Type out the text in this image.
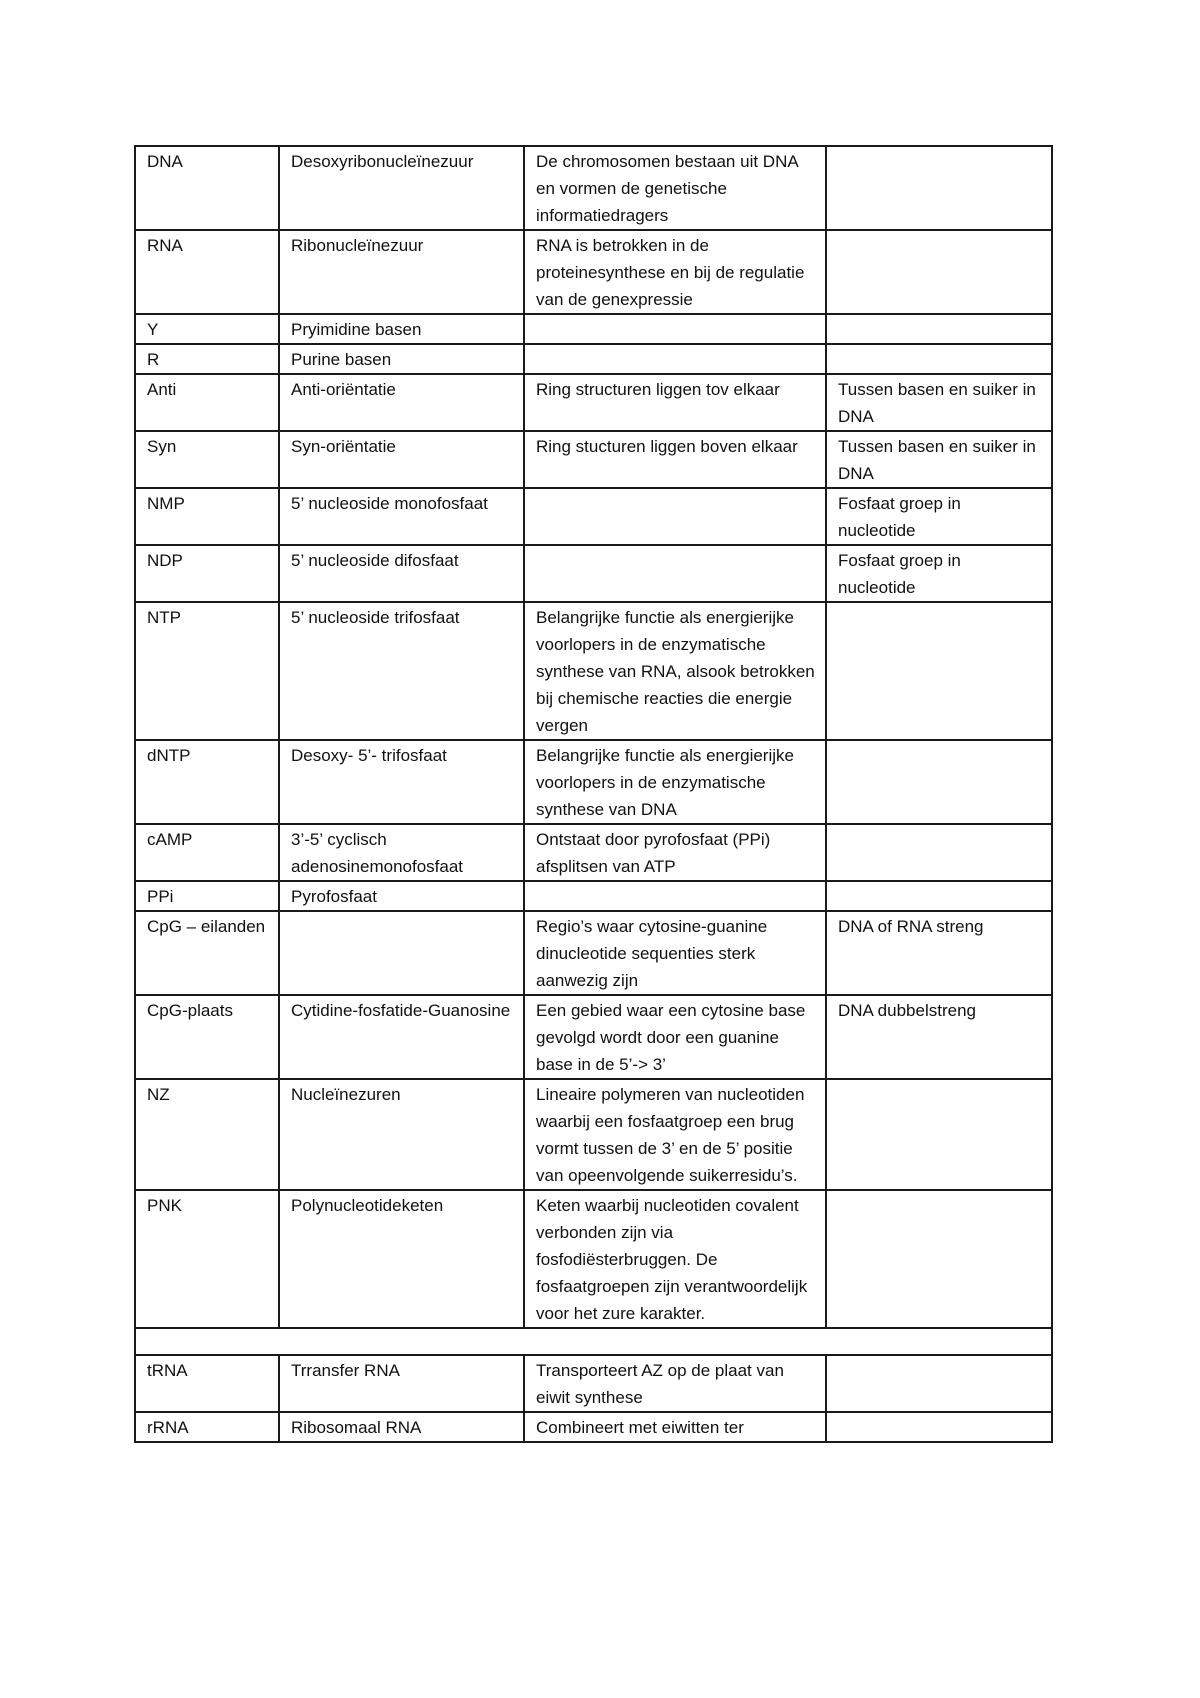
DNA	Desoxyribonucleïnezuur	De chromosomen bestaan uit DNA en vormen de genetische informatiedragers	
RNA	Ribonucleïnezuur	RNA is betrokken in de proteinesynthese en bij de regulatie van de genexpressie	
Y	Pryimidine basen		
R	Purine basen		
Anti	Anti-oriëntatie	Ring structuren liggen tov elkaar	Tussen basen en suiker in DNA
Syn	Syn-oriëntatie	Ring stucturen liggen boven elkaar	Tussen basen en suiker in DNA
NMP	5’ nucleoside monofosfaat		Fosfaat groep in nucleotide
NDP	5’ nucleoside difosfaat		Fosfaat groep in nucleotide
NTP	5’ nucleoside trifosfaat	Belangrijke functie als energierijke voorlopers in de enzymatische synthese van RNA, alsook betrokken bij chemische reacties die energie vergen	
dNTP	Desoxy- 5’- trifosfaat	Belangrijke functie als energierijke voorlopers in de enzymatische synthese van DNA	
cAMP	3’-5’ cyclisch adenosinemonofosfaat	Ontstaat door pyrofosfaat (PPi) afsplitsen van ATP	
PPi	Pyrofosfaat		
CpG – eilanden		Regio’s waar cytosine-guanine dinucleotide sequenties sterk aanwezig zijn	DNA of RNA streng
CpG-plaats	Cytidine-fosfatide-Guanosine	Een gebied waar een cytosine base gevolgd wordt door een guanine base in de 5’-> 3’	DNA dubbelstreng
NZ	Nucleïnezuren	Lineaire polymeren van nucleotiden waarbij een fosfaatgroep een brug vormt tussen de 3’ en de 5’ positie van opeenvolgende suikerresidu’s.	
PNK	Polynucleotideketen	Keten waarbij nucleotiden covalent verbonden zijn via fosfodiësterbruggen. De fosfaatgroepen zijn verantwoordelijk voor het zure karakter.	

tRNA	Trransfer RNA	Transporteert AZ op de plaat van eiwit synthese	
rRNA	Ribosomaal RNA	Combineert met eiwitten ter	
